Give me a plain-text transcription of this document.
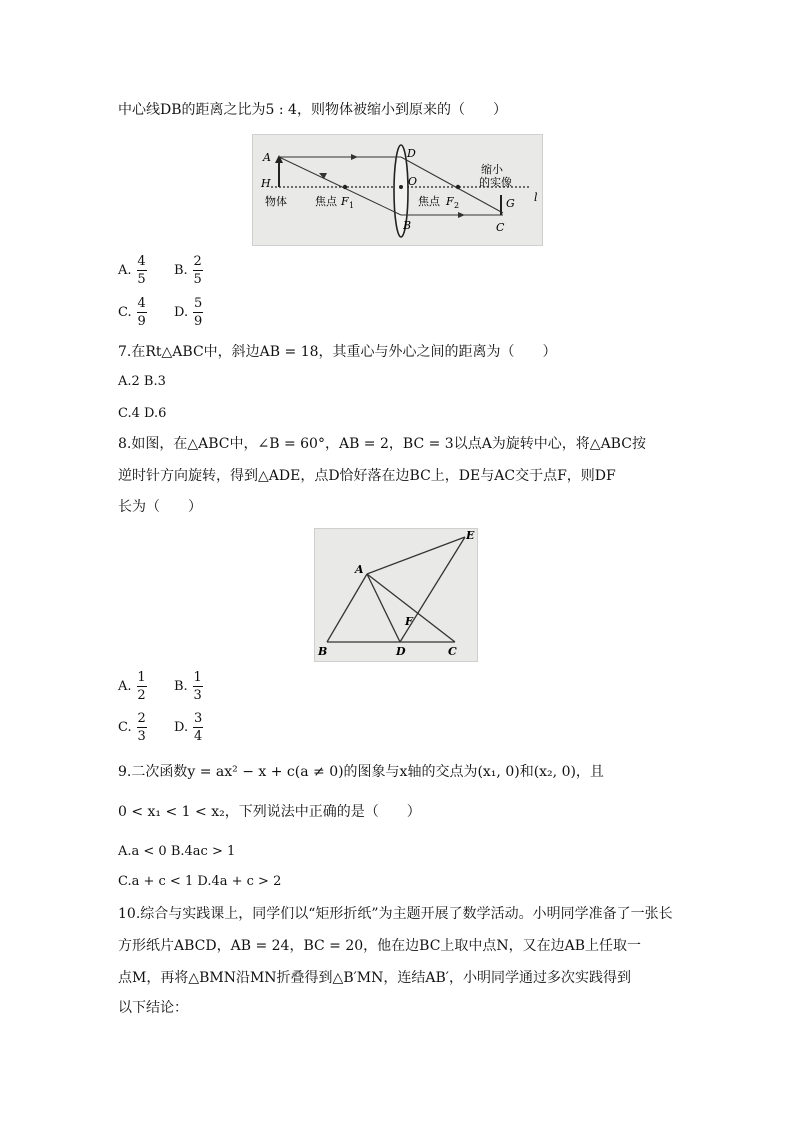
中心线DB的距离之比为5 : 4，则物体被缩小到原来的（　　）
A
H
物体	焦点 F 1
D
O
焦点 F 2
缩小
的实像
G
C
B
l
A. $\frac{4}{5} B$. $\frac{2}{5}$
C. $\frac{4}{9} D$. $\frac{5}{9}$
7.在Rt△ABC中，斜边AB = 18，其重心与外心之间的距离为（　　）
A.2 B.3
C.4 D.6
8.如图，在△ABC中，∠B = 60°，AB = 2，BC = 3以点A为旋转中心，将△ABC按
逆时针方向旋转，得到△ADE，点D恰好落在边BC上，DE与AC交于点F，则DF
长为（　　）
A
B	C
D
E
F
A. $\frac{1}{2} B$. $\frac{1}{3}$
C. $\frac{2}{3} D$. $\frac{3}{4}$
9.二次函数y = ax² − x + c(a ≠ 0)的图象与x轴的交点为(x₁, 0)和(x₂, 0)，且
0 < x₁ < 1 < x₂，下列说法中正确的是（　　）
A.a < 0 B.4ac > 1
C.a + c < 1 D.4a + c > 2
10.综合与实践课上，同学们以“矩形折纸”为主题开展了数学活动。小明同学准备了一张长
方形纸片ABCD，AB = 24，BC = 20，他在边BC上取中点N，又在边AB上任取一
点M，再将△BMN沿MN折叠得到△B′MN，连结AB′，小明同学通过多次实践得到
以下结论：
